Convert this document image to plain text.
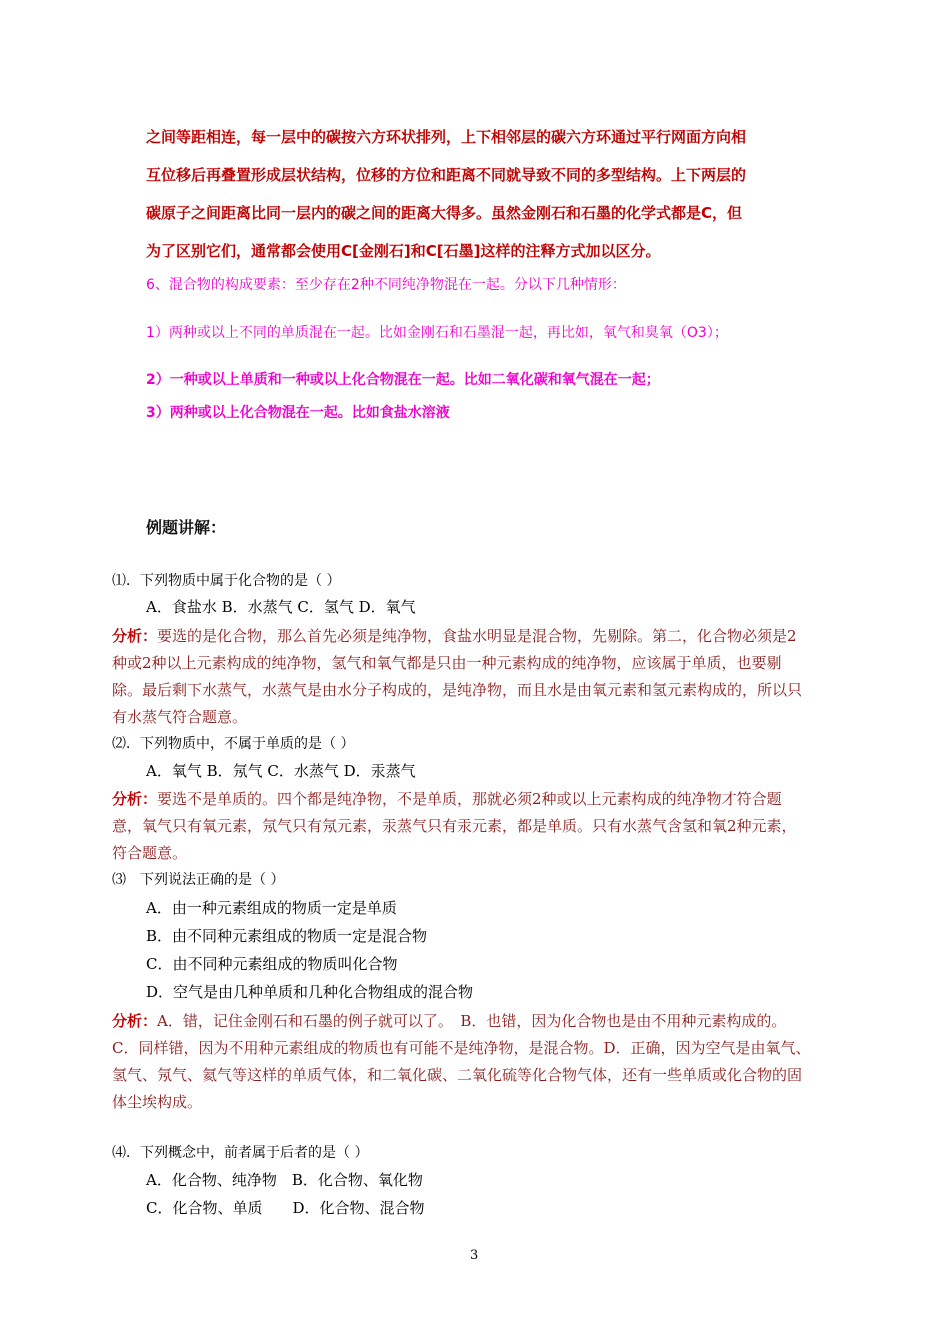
之间等距相连，每一层中的碳按六方环状排列，上下相邻层的碳六方环通过平行网面方向相
互位移后再叠置形成层状结构，位移的方位和距离不同就导致不同的多型结构。上下两层的
碳原子之间距离比同一层内的碳之间的距离大得多。虽然金刚石和石墨的化学式都是C，但
为了区别它们，通常都会使用C[金刚石]和C[石墨]这样的注释方式加以区分。
6、混合物的构成要素：至少存在2种不同纯净物混在一起。分以下几种情形：
1）两种或以上不同的单质混在一起。比如金刚石和石墨混一起，再比如，氧气和臭氧（O3）；
2）一种或以上单质和一种或以上化合物混在一起。比如二氧化碳和氧气混在一起；
3）两种或以上化合物混在一起。比如食盐水溶液
例题讲解：
⑴．下列物质中属于化合物的是（ ）
A．食盐水 B．水蒸气 C．氢气 D．氧气
分析：要选的是化合物，那么首先必须是纯净物，食盐水明显是混合物，先剔除。第二，化合物必须是2
种或2种以上元素构成的纯净物，氢气和氧气都是只由一种元素构成的纯净物，应该属于单质，也要剔
除。最后剩下水蒸气，水蒸气是由水分子构成的，是纯净物，而且水是由氧元素和氢元素构成的，所以只
有水蒸气符合题意。
⑵．下列物质中，不属于单质的是（ ）
A．氧气 B．氖气 C．水蒸气 D．汞蒸气
分析：要选不是单质的。四个都是纯净物，不是单质，那就必须2种或以上元素构成的纯净物才符合题
意，氧气只有氧元素，氖气只有氖元素，汞蒸气只有汞元素，都是单质。只有水蒸气含氢和氧2种元素，
符合题意。
⑶　下列说法正确的是（ ）
A．由一种元素组成的物质一定是单质
B．由不同种元素组成的物质一定是混合物
C．由不同种元素组成的物质叫化合物
D．空气是由几种单质和几种化合物组成的混合物
分析：A．错，记住金刚石和石墨的例子就可以了。　B．也错，因为化合物也是由不用种元素构成的。
C．同样错，因为不用种元素组成的物质也有可能不是纯净物，是混合物。D．正确，因为空气是由氧气、
氢气、氖气、氦气等这样的单质气体，和二氧化碳、二氧化硫等化合物气体，还有一些单质或化合物的固
体尘埃构成。
⑷．下列概念中，前者属于后者的是（ ）
A．化合物、纯净物　B．化合物、氧化物
C．化合物、单质　　D．化合物、混合物
3
